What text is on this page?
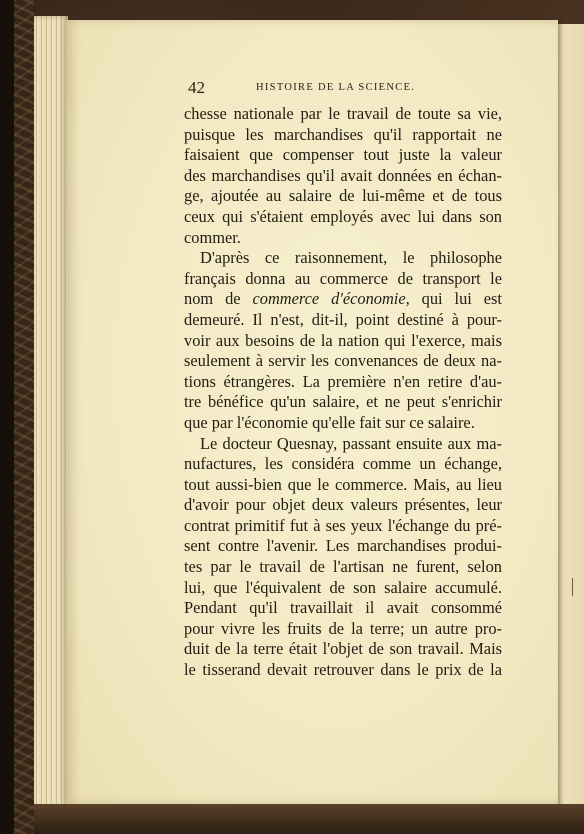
42	HISTOIRE DE LA SCIENCE.
chesse nationale par le travail de toute sa vie,
puisque les marchandises qu'il rapportait ne
faisaient que compenser tout juste la valeur
des marchandises qu'il avait données en échan-
ge, ajoutée au salaire de lui-même et de tous
ceux qui s'étaient employés avec lui dans son
commer.
D'après ce raisonnement, le philosophe
français donna au commerce de transport le
nom de commerce d'économie, qui lui est
demeuré. Il n'est, dit-il, point destiné à pour-
voir aux besoins de la nation qui l'exerce, mais
seulement à servir les convenances de deux na-
tions étrangères. La première n'en retire d'au-
tre bénéfice qu'un salaire, et ne peut s'enrichir
que par l'économie qu'elle fait sur ce salaire.
Le docteur Quesnay, passant ensuite aux ma-
nufactures, les considéra comme un échange,
tout aussi-bien que le commerce. Mais, au lieu
d'avoir pour objet deux valeurs présentes, leur
contrat primitif fut à ses yeux l'échange du pré-
sent contre l'avenir. Les marchandises produi-
tes par le travail de l'artisan ne furent, selon
lui, que l'équivalent de son salaire accumulé.
Pendant qu'il travaillait il avait consommé
pour vivre les fruits de la terre; un autre pro-
duit de la terre était l'objet de son travail. Mais
le tisserand devait retrouver dans le prix de la
